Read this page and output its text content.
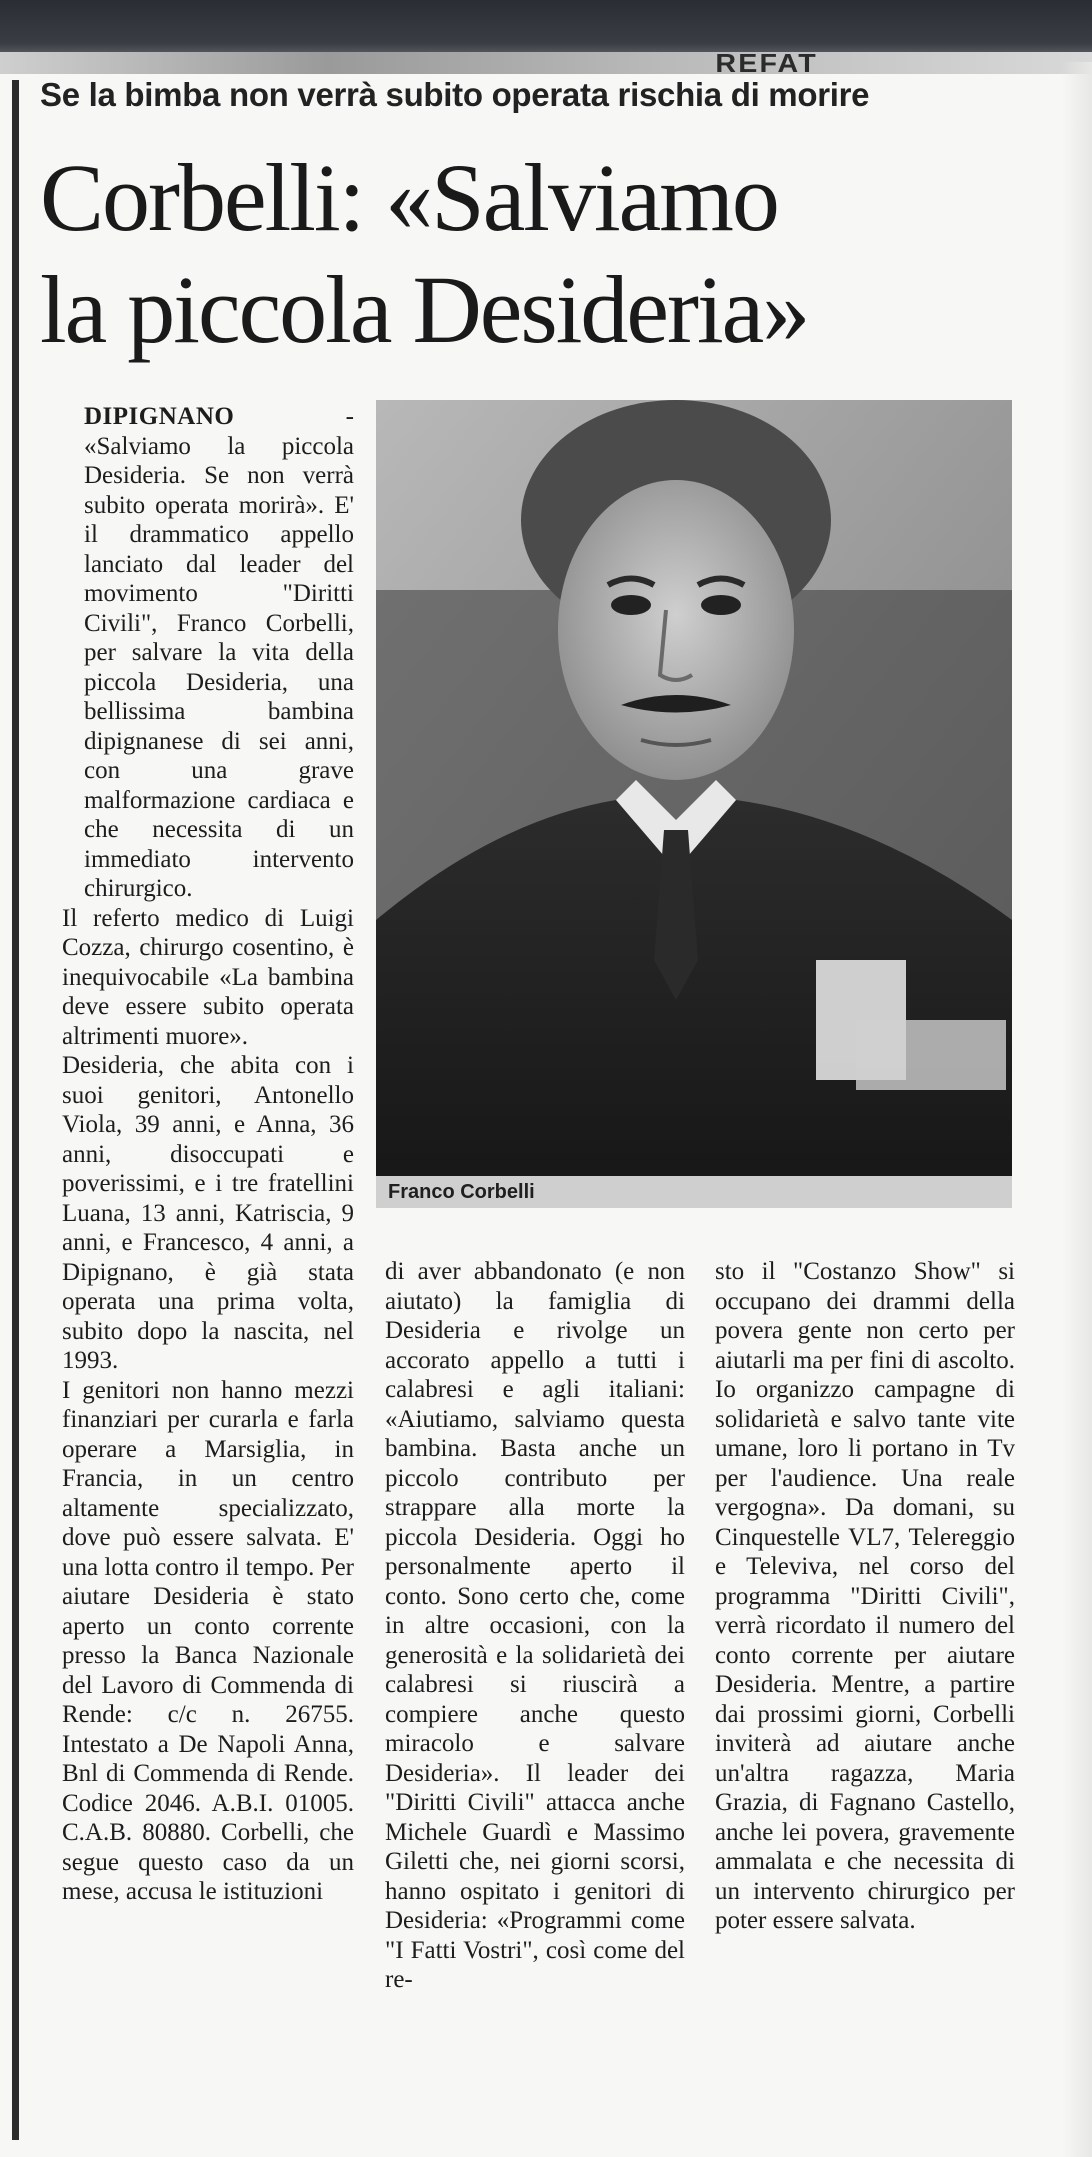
REFAT
Se la bimba non verrà subito operata rischia di morire
Corbelli: «Salviamo
la piccola Desideria»

DIPIGNANO - «Salviamo la piccola Desideria. Se non verrà subito operata morirà». E' il drammatico appello lanciato dal leader del movimento "Diritti Civili", Franco Corbelli, per salvare la vita della piccola Desideria, una bellissima bambina dipignanese di sei anni, con una grave malformazione cardiaca e che necessita di un immediato intervento chirurgico.

Il referto medico di Luigi Cozza, chirurgo cosentino, è inequivocabile «La bambina deve essere subito operata altrimenti muore».

Desideria, che abita con i suoi genitori, Antonello Viola, 39 anni, e Anna, 36 anni, disoccupati e poverissimi, e i tre fratellini Luana, 13 anni, Katriscia, 9 anni, e Francesco, 4 anni, a Dipignano, è già stata operata una prima volta, subito dopo la nascita, nel 1993.

I genitori non hanno mezzi finanziari per curarla e farla operare a Marsiglia, in Francia, in un centro altamente specializzato, dove può essere salvata. E' una lotta contro il tempo. Per aiutare Desideria è stato aperto un conto corrente presso la Banca Nazionale del Lavoro di Commenda di Rende: c/c n. 26755. Intestato a De Napoli Anna, Bnl di Commenda di Rende. Codice 2046. A.B.I. 01005. C.A.B. 80880. Corbelli, che segue questo caso da un mese, accusa le istituzioni

Franco Corbelli
di aver abbandonato (e non aiutato) la famiglia di Desideria e rivolge un accorato appello a tutti i calabresi e agli italiani: «Aiutiamo, salviamo questa bambina. Basta anche un piccolo contributo per strappare alla morte la piccola Desideria. Oggi ho personalmente aperto il conto. Sono certo che, come in altre occasioni, con la generosità e la solidarietà dei calabresi si riuscirà a compiere anche questo miracolo e salvare Desideria». Il leader dei "Diritti Civili" attacca anche Michele Guardì e Massimo Giletti che, nei giorni scorsi, hanno ospitato i genitori di Desideria: «Programmi come "I Fatti Vostri", così come del re-
sto il "Costanzo Show" si occupano dei drammi della povera gente non certo per aiutarli ma per fini di ascolto. Io organizzo campagne di solidarietà e salvo tante vite umane, loro li portano in Tv per l'audience. Una reale vergogna». Da domani, su Cinquestelle VL7, Telereggio e Televiva, nel corso del programma "Diritti Civili", verrà ricordato il numero del conto corrente per aiutare Desideria. Mentre, a partire dai prossimi giorni, Corbelli inviterà ad aiutare anche un'altra ragazza, Maria Grazia, di Fagnano Castello, anche lei povera, gravemente ammalata e che necessita di un intervento chirurgico per poter essere salvata.
